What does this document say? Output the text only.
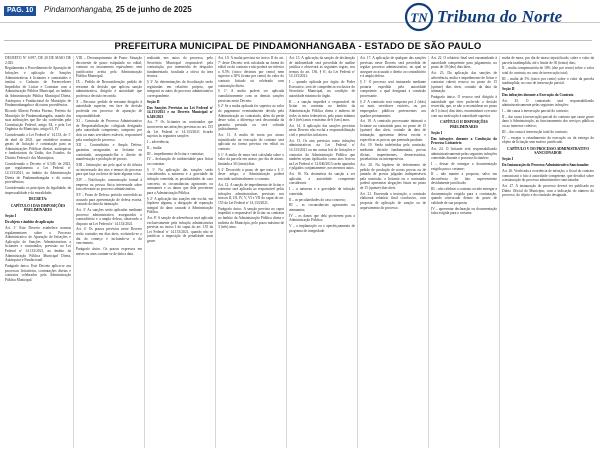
PAG. 10	Pindamonhangaba, 25 de junho de 2025
TN Tribuna do Norte
PREFEITURA MUNICIPAL DE PINDAMONHANGABA - ESTADO DE SÃO PAULO

DECRETO Nº 6.997, DE 20 DE MAIO DE 2.025.

Regulamenta o Procedimento de Apuração de Infrações e aplicação de Sanções Administrativas à licitantes e contratados e institui o Cadastro de Fornecedores Impedidos de Licitar e Contratar com a Administração Pública Municipal, no âmbito da Administração Pública Municipal Direta, Autárquica e Fundacional do Município de Pindamonhangaba e dá outras providências.

Ricardo Alberto Pereira Piorino, Prefeito do Município de Pindamonhangaba, usando das suas atribuições que lhe são conferidas pela Constituição Federal, artigo 84, e pela Lei Orgânica do Município, artigo 61, IV.

Considerando a Lei Federal nº 14.133, de 1º de abril de 2021, que estabelece normas gerais de licitação e contratação para as Administrações Públicas diretas, autárquicas e fundacionais da União, dos Estados, do Distrito Federal e dos Municípios;

Considerando o Decreto nº 6.549, de 2023, que regulamenta a Lei Federal nº 14.133/2021, no âmbito da Administração Direta de Pindamonhangaba e dá outras providências;

Considerando os princípios da legalidade, da impessoalidade e da moralidade;

DECRETA:

CAPÍTULO I DAS DISPOSIÇÕES PRELIMINARES

Seção I

Do objeto e âmbito de aplicação

Art. 1º Este Decreto estabelece normas regulamentares sobre o Processo Administrativo de Apuração de Infrações e Aplicação de Sanções Administrativas a licitantes e contratados, previstas na Lei Federal nº 14.133/2021, no âmbito da Administração Pública Municipal Direta, Autárquica e Fundacional.

Parágrafo único. Este Decreto aplica-se aos processos licitatórios, contratações diretas e contratos celebrados pela Administração Pública Municipal.

VIII – Descumprimento de Prazo: Situação decorrente de prazo estipulado no edital, contrato ou instrumento equivalente, sem justificativa aceita pela Administração Pública Municipal.

IX – Pedido de Reconsideração: pedido de reexame da decisão que aplicou sanção administrativa, dirigido à autoridade que proferiu a decisão recorrida.

X – Recurso: pedido de reexame dirigido à autoridade superior, em face de decisão proferida em processo de apuração de responsabilidade.

XI – Comissão de Processo Administrativo de Responsabilização: colegiado designado pela autoridade competente, composto por dois ou mais servidores estáveis, responsável pela condução do processo.

XII – Contraditório e Ampla Defesa: garantias asseguradas ao licitante ou contratado, assegurando-lhe o direito de manifestação e produção de provas.

XIII – Intimação: ato pelo qual se dá ciência ao interessado dos atos e termos do processo para que faça ou deixe de fazer alguma coisa.

XIV – Notificação: comunicação formal à empresa ou pessoa física interessada sobre fato relevante ao processo administrativo.

XV – Prazo de Defesa: período concedido ao acusado para apresentação de defesa escrita, contado da data da intimação.

Art. 3º As sanções serão aplicadas mediante processo administrativo, assegurados o contraditório e a ampla defesa, observado o disposto na Lei Federal nº 14.133/2021.

Art. 4º Os prazos previstos neste Decreto serão contados em dias úteis, excluindo-se o dia do começo e incluindo-se o do vencimento.

Parágrafo único. Os prazos expressos em meses ou anos contam-se de data a data.

realizado nos autos do processo, pelo Secretário Municipal responsável pela contratação, por intermédio de despacho fundamentado, facultada a oitiva da área técnica.

§ 3º As determinações da fiscalização serão registradas em relatório próprio, que integrará os autos do processo administrativo correspondente.

Seção II

Das Sanções Previstas na Lei Federal nº 14.133/2021 e no Decreto Municipal nº 6.549/2023

Art. 7º Os licitantes ou contratados que incorrerem nas infrações previstas no art. 155 da Lei Federal nº 14.133/2021 ficarão sujeitos às seguintes sanções:

I – advertência;

II – multa;

III – impedimento de licitar e contratar;

IV – declaração de inidoneidade para licitar ou contratar.

§ 1º Na aplicação das sanções serão considerados a natureza e a gravidade da infração cometida, as peculiaridades do caso concreto, as circunstâncias agravantes ou atenuantes e os danos que dela provierem para a Administração Pública.

§ 2º A aplicação das sanções não exclui, em hipótese alguma, a obrigação de reparação integral do dano causado à Administração Pública.

Art. 8º A sanção de advertência será aplicada exclusivamente pela infração administrativa prevista no inciso I do caput do art. 155 da Lei Federal nº 14.133/2021, quando não se justificar a imposição de penalidade mais grave.

Art. 10. A multa prevista no inciso II do art. 7º deste Decreto será calculada na forma do edital ou do contrato e não poderá ser inferior a 0,5% (cinco décimos por cento) nem superior a 30% (trinta por cento) do valor do contrato licitado ou celebrado com contratação direta.

§ 1º A multa poderá ser aplicada cumulativamente com as demais sanções previstas neste Decreto.

§ 2º Se a multa aplicada for superior ao valor do pagamento eventualmente devido pela Administração ao contratado, além da perda desse valor, a diferença será descontada da garantia prestada ou será cobrada judicialmente.

Art. 11. A multa de mora por atraso injustificado na execução do contrato será aplicada na forma prevista em edital ou contrato.

§ 1º A multa de mora será calculada sobre o valor da parcela em atraso, por dia de atraso, limitada a 30 (trinta) dias.

§ 2º Decorrido o prazo de que trata o § 1º deste artigo, a Administração poderá rescindir unilateralmente o contrato.

Art. 12. A sanção de impedimento de licitar e contratar será aplicada ao responsável pelas infrações administrativas previstas nos incisos II, III, IV, V, VI e VII do caput do art. 155 da Lei Federal nº 14.133/2021.

Parágrafo único. A sanção prevista no caput impedirá o responsável de licitar ou contratar no âmbito da Administração Pública direta e indireta do Município, pelo prazo máximo de 3 (três) anos.

Art. 13. A aplicação da sanção de declaração de inidoneidade será precedida de análise jurídica e observará as seguintes regras, nos termos do art. 156, § 6º, da Lei Federal nº 14.133/2021:

I – quando aplicada por órgão do Poder Executivo, será de competência exclusiva do Secretário Municipal, na condição de autoridade máxima do órgão.

II – a sanção impedirá o responsável de licitar ou contratar no âmbito da Administração Pública direta e indireta de todos os entes federativos, pelo prazo mínimo de 3 (três) anos e máximo de 6 (seis) anos.

Art. 14. A aplicação das sanções previstas neste Decreto não exclui a responsabilização civil e penal dos infratores.

Art. 15. Os atos previstos como infrações administrativas na Lei Federal nº 14.133/2021 ou em outras leis de licitações e contratos da Administração Pública que também sejam tipificados como atos lesivos na Lei Federal nº 12.846/2013 serão apurados e julgados conjuntamente, nos mesmos autos.

Art. 16. Na dosimetria da sanção a ser aplicada, a autoridade competente considerará:

I – a natureza e a gravidade da infração cometida;

II – as peculiaridades do caso concreto;

III – as circunstâncias agravantes ou atenuantes;

IV – os danos que dela provierem para a Administração Pública;

V – a implantação ou o aperfeiçoamento de programa de integridade.

Art. 17. A aplicação de qualquer das sanções previstas neste Decreto será precedida de regular processo administrativo, no qual se assegure ao acusado o direito ao contraditório e à ampla defesa.

§ 1º O processo será instaurado mediante portaria expedida pela autoridade competente, a qual designará a comissão processante.

§ 2º A comissão será composta por 2 (dois) ou mais servidores estáveis, ou por empregados públicos pertencentes aos quadros permanentes.

Art. 18. A comissão processante intimará o licitante ou contratado para, no prazo de 15 (quinze) dias úteis, contado da data de intimação, apresentar defesa escrita e especificar as provas que pretenda produzir.

Art. 19. Serão indeferidas pela comissão, mediante decisão fundamentada, provas ilícitas, impertinentes, desnecessárias, protelatórias ou intempestivas.

Art. 20. Na hipótese de deferimento de pedido de produção de novas provas ou de juntada de provas julgadas indispensáveis pela comissão, o licitante ou o contratado poderá apresentar alegações finais no prazo de 15 (quinze) dias úteis.

Art. 21. Encerrada a instrução, a comissão elaborará relatório final conclusivo, com proposta de aplicação de sanção ou de arquivamento do processo.

Art. 22. O relatório final será encaminhado à autoridade competente para julgamento, no prazo de 10 (dez) dias úteis.

Art. 23. Da aplicação das sanções de advertência, multa e impedimento de licitar e contratar caberá recurso no prazo de 15 (quinze) dias úteis, contado da data da intimação.

Parágrafo único. O recurso será dirigido à autoridade que tiver proferido a decisão recorrida, que, se não a reconsiderar no prazo de 5 (cinco) dias úteis, encaminhará o recurso com sua motivação à autoridade superior.

CAPÍTULO II DISPOSIÇÕES PRELIMINARES

Seção I

Das infrações durante a Condução do Processo Licitatório

Art. 24. O licitante será responsabilizado administrativamente pelas seguintes infrações cometidas durante o processo licitatório:

I – deixar de entregar a documentação exigida para o certame;

II – não manter a proposta, salvo em decorrência de fato superveniente devidamente justificado;

III – não celebrar o contrato ou não entregar a documentação exigida para a contratação, quando convocado dentro do prazo de validade de sua proposta;

IV – apresentar declaração ou documentação falsa exigida para o certame.

multa de mora, por dia de atraso injustificado, sobre o valor da parcela inadimplida, até o limite de 30 (trinta) dias;

II – multa compensatória de 10% (dez por cento) sobre o valor total do contrato, no caso de inexecução total;

III – multa de 5% (cinco por cento) sobre o valor da parcela inadimplida, no caso de inexecução parcial.

Seção II

Das infrações durante a Execução do Contrato

Art. 25. O contratado será responsabilizado administrativamente pelas seguintes infrações:

I – dar causa à inexecução parcial do contrato;

II – dar causa à inexecução parcial do contrato que cause grave dano à Administração, ao funcionamento dos serviços públicos ou ao interesse coletivo;

III – dar causa à inexecução total do contrato;

IV – ensejar o retardamento da execução ou da entrega do objeto da licitação sem motivo justificado.

CAPÍTULO V DO PROCESSO ADMINISTRATIVO SANCIONADOR

Seção I

Da Instauração do Processo Administrativo Sancionador

Art. 26. Verificada a ocorrência de infração, o fiscal do contrato comunicará o fato à autoridade competente, que decidirá sobre a instauração do processo administrativo sancionador.

Art. 27. A instauração do processo deverá ser publicada no Diário Oficial do Município, com a indicação do número do processo, do objeto e da comissão designada.
